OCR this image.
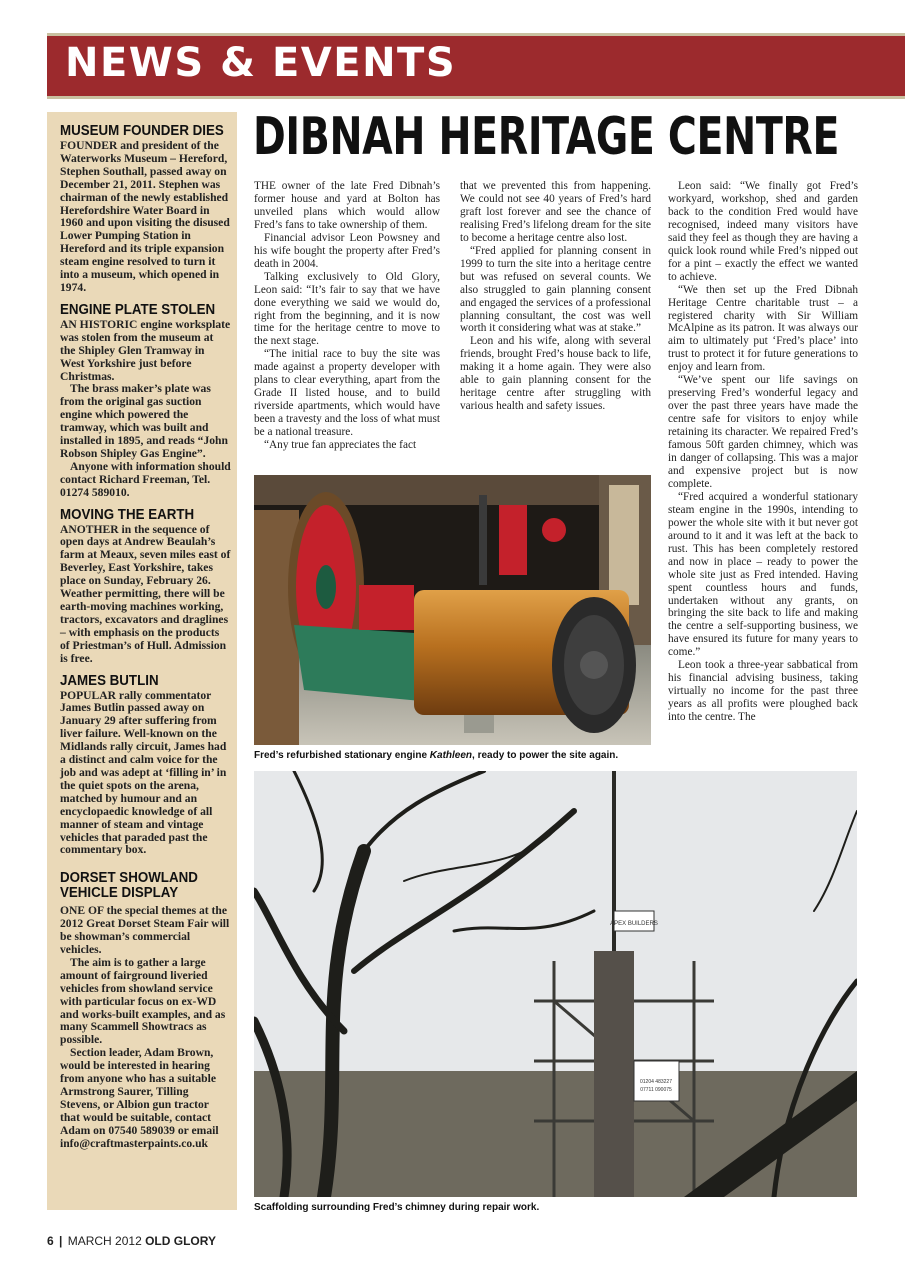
NEWS & EVENTS
MUSEUM FOUNDER DIES

FOUNDER and president of the Waterworks Museum – Hereford, Stephen Southall, passed away on December 21, 2011. Stephen was chairman of the newly established Herefordshire Water Board in 1960 and upon visiting the disused Lower Pumping Station in Hereford and its triple expansion steam engine resolved to turn it into a museum, which opened in 1974.

ENGINE PLATE STOLEN

AN HISTORIC engine worksplate was stolen from the museum at the Shipley Glen Tramway in West Yorkshire just before Christmas.

The brass maker’s plate was from the original gas suction engine which powered the tramway, which was built and installed in 1895, and reads “John Robson Shipley Gas Engine”.

Anyone with information should contact Richard Freeman, Tel. 01274 589010.

MOVING THE EARTH

ANOTHER in the sequence of open days at Andrew Beaulah’s farm at Meaux, seven miles east of Beverley, East Yorkshire, takes place on Sunday, February 26. Weather permitting, there will be earth-moving machines working, tractors, excavators and draglines – with emphasis on the products of Priestman’s of Hull. Admission is free.

JAMES BUTLIN

POPULAR rally commentator James Butlin passed away on January 29 after suffering from liver failure. Well-known on the Midlands rally circuit, James had a distinct and calm voice for the job and was adept at ‘filling in’ in the quiet spots on the arena, matched by humour and an encyclopaedic knowledge of all manner of steam and vintage vehicles that paraded past the commentary box.

DORSET SHOWLAND VEHICLE DISPLAY

ONE OF the special themes at the 2012 Great Dorset Steam Fair will be showman’s commercial vehicles.

The aim is to gather a large amount of fairground liveried vehicles from showland service with particular focus on ex-WD and works-built examples, and as many Scammell Showtracs as possible.

Section leader, Adam Brown, would be interested in hearing from anyone who has a suitable Armstrong Saurer, Tilling Stevens, or Albion gun tractor that would be suitable, contact Adam on 07540 589039 or email info@craftmasterpaints.co.uk

DIBNAH HERITAGE CENTRE

THE owner of the late Fred Dibnah’s former house and yard at Bolton has unveiled plans which would allow Fred’s fans to take ownership of them.

Financial advisor Leon Powsney and his wife bought the property after Fred’s death in 2004.

Talking exclusively to Old Glory, Leon said: “It’s fair to say that we have done everything we said we would do, right from the beginning, and it is now time for the heritage centre to move to the next stage.

“The initial race to buy the site was made against a property developer with plans to clear everything, apart from the Grade II listed house, and to build riverside apartments, which would have been a travesty and the loss of what must be a national treasure.

“Any true fan appreciates the fact

that we prevented this from happening. We could not see 40 years of Fred’s hard graft lost forever and see the chance of realising Fred’s lifelong dream for the site to become a heritage centre also lost.

“Fred applied for planning consent in 1999 to turn the site into a heritage centre but was refused on several counts. We also struggled to gain planning consent and engaged the services of a professional planning consultant, the cost was well worth it considering what was at stake.”

Leon and his wife, along with several friends, brought Fred’s house back to life, making it a home again. They were also able to gain planning consent for the heritage centre after struggling with various health and safety issues.

Leon said: “We finally got Fred’s workyard, workshop, shed and garden back to the condition Fred would have recognised, indeed many visitors have said they feel as though they are having a quick look round while Fred’s nipped out for a pint – exactly the effect we wanted to achieve.

“We then set up the Fred Dibnah Heritage Centre charitable trust – a registered charity with Sir William McAlpine as its patron. It was always our aim to ultimately put ‘Fred’s place’ into trust to protect it for future generations to enjoy and learn from.

“We’ve spent our life savings on preserving Fred’s wonderful legacy and over the past three years have made the centre safe for visitors to enjoy while retaining its character. We repaired Fred’s famous 50ft garden chimney, which was in danger of collapsing. This was a major and expensive project but is now complete.

“Fred acquired a wonderful stationary steam engine in the 1990s, intending to power the whole site with it but never got around to it and it was left at the back to rust. This has been completely restored and now in place – ready to power the whole site just as Fred intended. Having spent countless hours and funds, undertaken without any grants, on bringing the site back to life and making the centre a self-supporting business, we have ensured its future for many years to come.”

Leon took a three-year sabbatical from his financial advising business, taking virtually no income for the past three years as all profits were ploughed back into the centre. The

Fred’s refurbished stationary engine Kathleen, ready to power the site again.
APEX BUILDERS
01204 483227
07711 090075
Scaffolding surrounding Fred’s chimney during repair work.
6 | MARCH 2012 OLD GLORY
